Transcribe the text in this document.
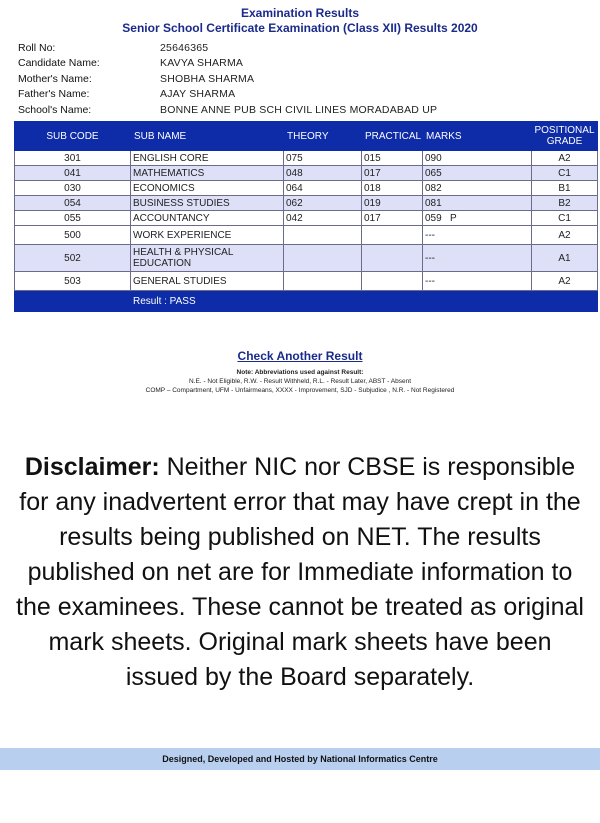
Examination Results
Senior School Certificate Examination (Class XII) Results 2020
Roll No:	25646365
Candidate Name:	KAVYA SHARMA
Mother's Name:	SHOBHA SHARMA
Father's Name:	AJAY SHARMA
School's Name:	BONNE ANNE PUB SCH CIVIL LINES MORADABAD UP
SUB CODE	SUB NAME	THEORY	PRACTICAL	MARKS	POSITIONAL GRADE
301	ENGLISH CORE	075	015	090	A2
041	MATHEMATICS	048	017	065	C1
030	ECONOMICS	064	018	082	B1
054	BUSINESS STUDIES	062	019	081	B2
055	ACCOUNTANCY	042	017	059   P	C1
500	WORK EXPERIENCE			---	A2
502	HEALTH & PHYSICAL EDUCATION			---	A1
503	GENERAL STUDIES			---	A2
	Result : PASS				
Check Another Result
Note: Abbreviations used against Result:
N.E. - Not Eligible, R.W. - Result Withheld, R.L. - Result Later, ABST - Absent
COMP – Compartment, UFM - Unfairmeans, XXXX - Improvement, SJD - Subjudice , N.R. - Not Registered
Disclaimer: Neither NIC nor CBSE is responsible for any inadvertent error that may have crept in the results being published on NET. The results published on net are for Immediate information to the examinees. These cannot be treated as original mark sheets. Original mark sheets have been issued by the Board separately.
Designed, Developed and Hosted by National Informatics Centre
